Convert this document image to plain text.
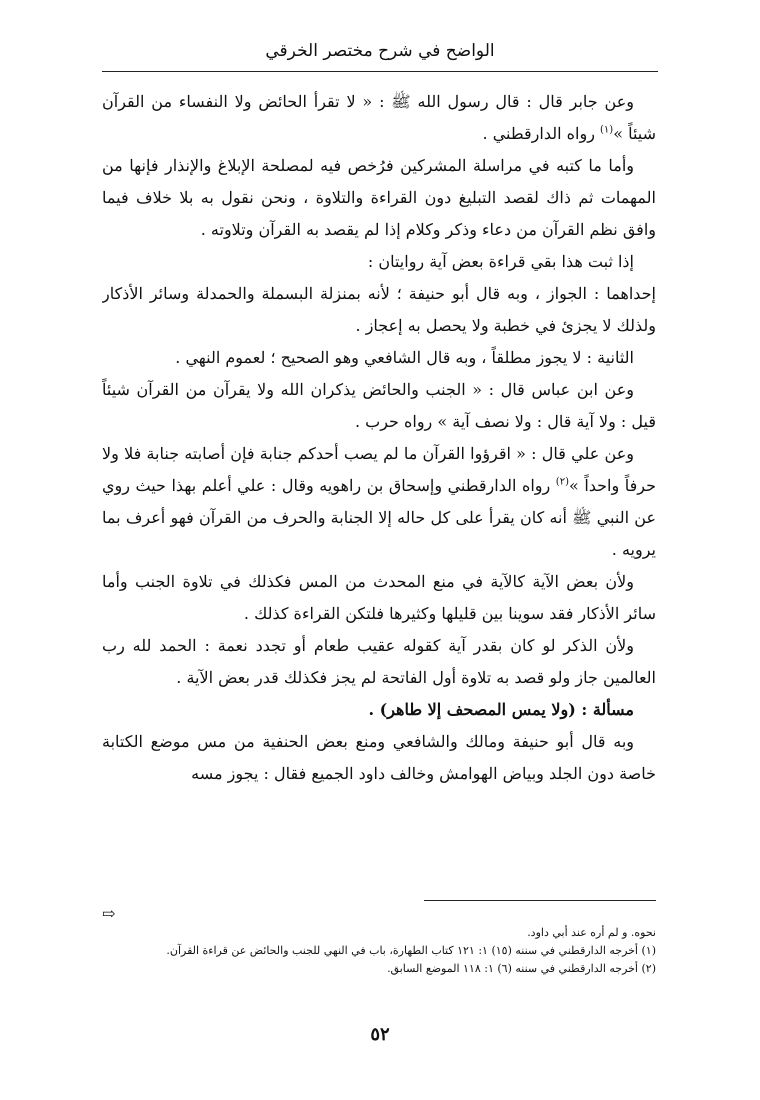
الواضح في شرح مختصر الخرقي

وعن جابر قال : قال رسول الله ﷺ : « لا تقرأ الحائض ولا النفساء من القرآن شيئاً »$^{(١)}$ رواه الدارقطني .

وأما ما كتبه في مراسلة المشركين فرُخص فيه لمصلحة الإبلاغ والإنذار فإنها من المهمات ثم ذاك لقصد التبليغ دون القراءة والتلاوة ، ونحن نقول به بلا خلاف فيما وافق نظم القرآن من دعاء وذكر وكلام إذا لم يقصد به القرآن وتلاوته .

إذا ثبت هذا بقي قراءة بعض آية روايتان :

إحداهما : الجواز ، وبه قال أبو حنيفة ؛ لأنه بمنزلة البسملة والحمدلة وسائر الأذكار ولذلك لا يجزئ في خطبة ولا يحصل به إعجاز .

الثانية : لا يجوز مطلقاً ، وبه قال الشافعي وهو الصحيح ؛ لعموم النهي .

وعن ابن عباس قال : « الجنب والحائض يذكران الله ولا يقرآن من القرآن شيئاً قيل : ولا آية قال : ولا نصف آية » رواه حرب .

وعن علي قال : « اقرؤوا القرآن ما لم يصب أحدكم جنابة فإن أصابته جنابة فلا ولا حرفاً واحداً »$^{(٢)}$ رواه الدارقطني وإسحاق بن راهويه وقال : علي أعلم بهذا حيث روي عن النبي ﷺ أنه كان يقرأ على كل حاله إلا الجنابة والحرف من القرآن فهو أعرف بما يرويه .

ولأن بعض الآية كالآية في منع المحدث من المس فكذلك في تلاوة الجنب وأما سائر الأذكار فقد سوينا بين قليلها وكثيرها فلتكن القراءة كذلك .

ولأن الذكر لو كان بقدر آية كقوله عقيب طعام أو تجدد نعمة : الحمد لله رب العالمين جاز ولو قصد به تلاوة أول الفاتحة لم يجز فكذلك قدر بعض الآية .

مسألة : (ولا يمس المصحف إلا طاهر) .

وبه قال أبو حنيفة ومالك والشافعي ومنع بعض الحنفية من مس موضع الكتابة خاصة دون الجلد وبياض الهوامش وخالف داود الجميع فقال : يجوز مسه

⇨

نحوه. و لم أره عند أبي داود.

(١) أخرجه الدارقطني في سننه (١٥) ١: ١٢١ كتاب الطهارة، باب في النهي للجنب والحائض عن قراءة القرآن.

(٢) أخرجه الدارقطني في سننه (٦) ١: ١١٨ الموضع السابق.

٥٢
